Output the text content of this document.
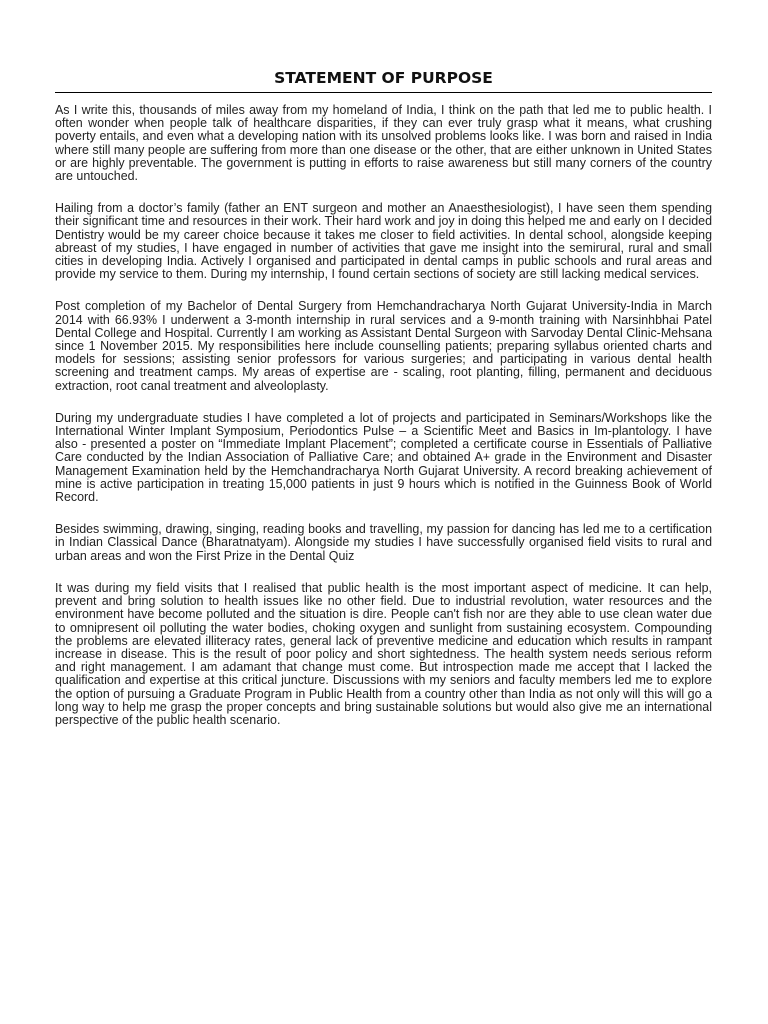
STATEMENT OF PURPOSE

As I write this, thousands of miles away from my homeland of India, I think on the path that led me to public health. I often wonder when people talk of healthcare disparities, if they can ever truly grasp what it means, what crushing poverty entails, and even what a developing nation with its unsolved problems looks like. I was born and raised in India where still many people are suffering from more than one disease or the other, that are either unknown in United States or are highly preventable. The government is putting in efforts to raise awareness but still many corners of the country are untouched.

Hailing from a doctor’s family (father an ENT surgeon and mother an Anaesthesiologist), I have seen them spending their significant time and resources in their work. Their hard work and joy in doing this helped me and early on I decided Dentistry would be my career choice because it takes me closer to field activities. In dental school, alongside keeping abreast of my studies, I have engaged in number of activities that gave me insight into the semirural, rural and small cities in developing India. Actively I organised and participated in dental camps in public schools and rural areas and provide my service to them. During my internship, I found certain sections of society are still lacking medical services.

Post completion of my Bachelor of Dental Surgery from Hemchandracharya North Gujarat University-India in March 2014 with 66.93% I underwent a 3-month internship in rural services and a 9-month training with Narsinhbhai Patel Dental College and Hospital. Currently I am working as Assistant Dental Surgeon with Sarvoday Dental Clinic-Mehsana since 1 November 2015. My responsibilities here include counselling patients; preparing syllabus oriented charts and models for sessions; assisting senior professors for various surgeries; and participating in various dental health screening and treatment camps. My areas of expertise are - scaling, root planting, filling, permanent and deciduous extraction, root canal treatment and alveoloplasty.

During my undergraduate studies I have completed a lot of projects and participated in Seminars/Workshops like the International Winter Implant Symposium, Periodontics Pulse – a Scientific Meet and Basics in Im-plantology. I have also - presented a poster on “Immediate Implant Placement”; completed a certificate course in Essentials of Palliative Care conducted by the Indian Association of Palliative Care; and obtained A+ grade in the Environment and Disaster Management Examination held by the Hemchandracharya North Gujarat University. A record breaking achievement of mine is active participation in treating 15,000 patients in just 9 hours which is notified in the Guinness Book of World Record.

Besides swimming, drawing, singing, reading books and travelling, my passion for dancing has led me to a certification in Indian Classical Dance (Bharatnatyam). Alongside my studies I have successfully organised field visits to rural and urban areas and won the First Prize in the Dental Quiz

It was during my field visits that I realised that public health is the most important aspect of medicine. It can help, prevent and bring solution to health issues like no other field. Due to industrial revolution, water resources and the environment have become polluted and the situation is dire. People can't fish nor are they able to use clean water due to omnipresent oil polluting the water bodies, choking oxygen and sunlight from sustaining ecosystem. Compounding the problems are elevated illiteracy rates, general lack of preventive medicine and education which results in rampant increase in disease. This is the result of poor policy and short sightedness. The health system needs serious reform and right management. I am adamant that change must come. But introspection made me accept that I lacked the qualification and expertise at this critical juncture. Discussions with my seniors and faculty members led me to explore the option of pursuing a Graduate Program in Public Health from a country other than India as not only will this will go a long way to help me grasp the proper concepts and bring sustainable solutions but would also give me an international perspective of the public health scenario.
